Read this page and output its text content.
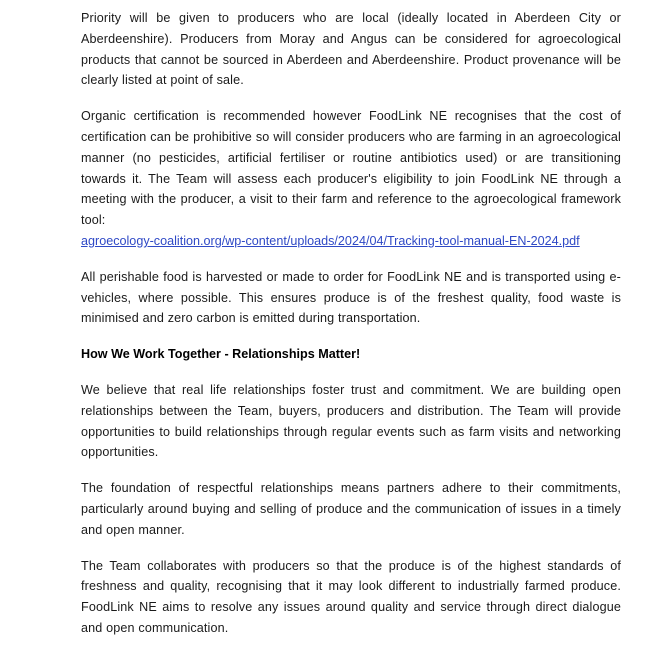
Priority will be given to producers who are local (ideally located in Aberdeen City or Aberdeenshire). Producers from Moray and Angus can be considered for agroecological products that cannot be sourced in Aberdeen and Aberdeenshire. Product provenance will be clearly listed at point of sale.

Organic certification is recommended however FoodLink NE recognises that the cost of certification can be prohibitive so will consider producers who are farming in an agroecological manner (no pesticides, artificial fertiliser or routine antibiotics used) or are transitioning towards it. The Team will assess each producer's eligibility to join FoodLink NE through a meeting with the producer, a visit to their farm and reference to the agroecological framework tool:

agroecology-coalition.org/wp-content/uploads/2024/04/Tracking-tool-manual-EN-2024.pdf

All perishable food is harvested or made to order for FoodLink NE and is transported using e-vehicles, where possible. This ensures produce is of the freshest quality, food waste is minimised and zero carbon is emitted during transportation.

How We Work Together - Relationships Matter!

We believe that real life relationships foster trust and commitment. We are building open relationships between the Team, buyers, producers and distribution. The Team will provide opportunities to build relationships through regular events such as farm visits and networking opportunities.

The foundation of respectful relationships means partners adhere to their commitments, particularly around buying and selling of produce and the communication of issues in a timely and open manner.

The Team collaborates with producers so that the produce is of the highest standards of freshness and quality, recognising that it may look different to industrially farmed produce. FoodLink NE aims to resolve any issues around quality and service through direct dialogue and open communication.
